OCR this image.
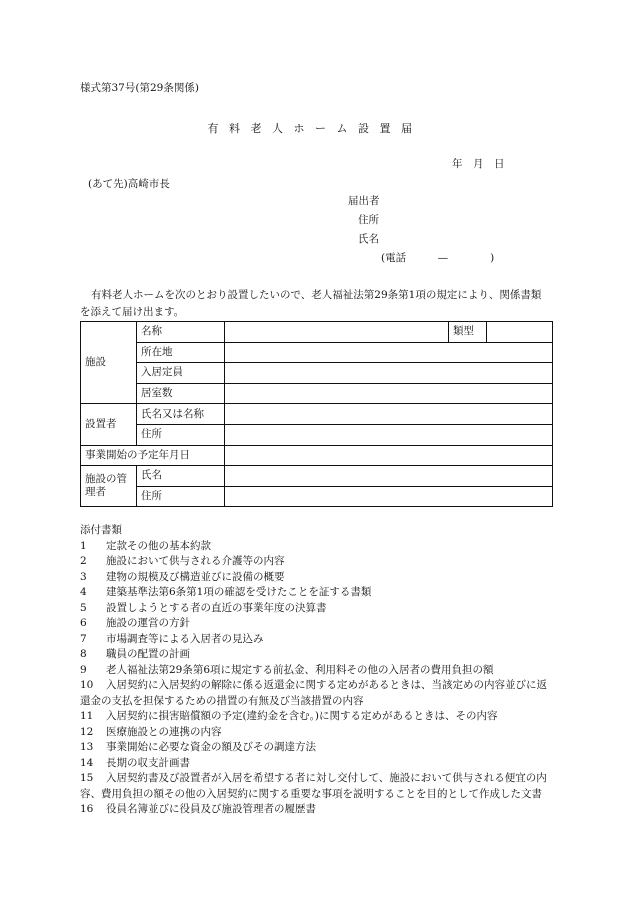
様式第37号(第29条関係)
有料老人ホーム設置届
年　月　日
(あて先)高崎市長
届出者
住所
氏名
(電話　　　—　　　　)
有料老人ホームを次のとおり設置したいので、老人福祉法第29条第1項の規定により、関係書類を添えて届け出ます。
施設	名称		類型	
	所在地			
	入居定員			
	居室数			
設置者	氏名又は名称			
	住所			
事業開始の予定年月日				
施設の管理者	氏名			
	住所			
添付書類
1 定款その他の基本約款
2 施設において供与される介護等の内容
3 建物の規模及び構造並びに設備の概要
4 建築基準法第6条第1項の確認を受けたことを証する書類
5 設置しようとする者の直近の事業年度の決算書
6 施設の運営の方針
7 市場調査等による入居者の見込み
8 職員の配置の計画
9 老人福祉法第29条第6項に規定する前払金、利用料その他の入居者の費用負担の額
10 入居契約に入居契約の解除に係る返還金に関する定めがあるときは、当該定めの内容並びに返還金の支払を担保するための措置の有無及び当該措置の内容
11 入居契約に損害賠償額の予定(違約金を含む。)に関する定めがあるときは、その内容
12 医療施設との連携の内容
13 事業開始に必要な資金の額及びその調達方法
14 長期の収支計画書
15 入居契約書及び設置者が入居を希望する者に対し交付して、施設において供与される便宜の内容、費用負担の額その他の入居契約に関する重要な事項を説明することを目的として作成した文書
16 役員名簿並びに役員及び施設管理者の履歴書
